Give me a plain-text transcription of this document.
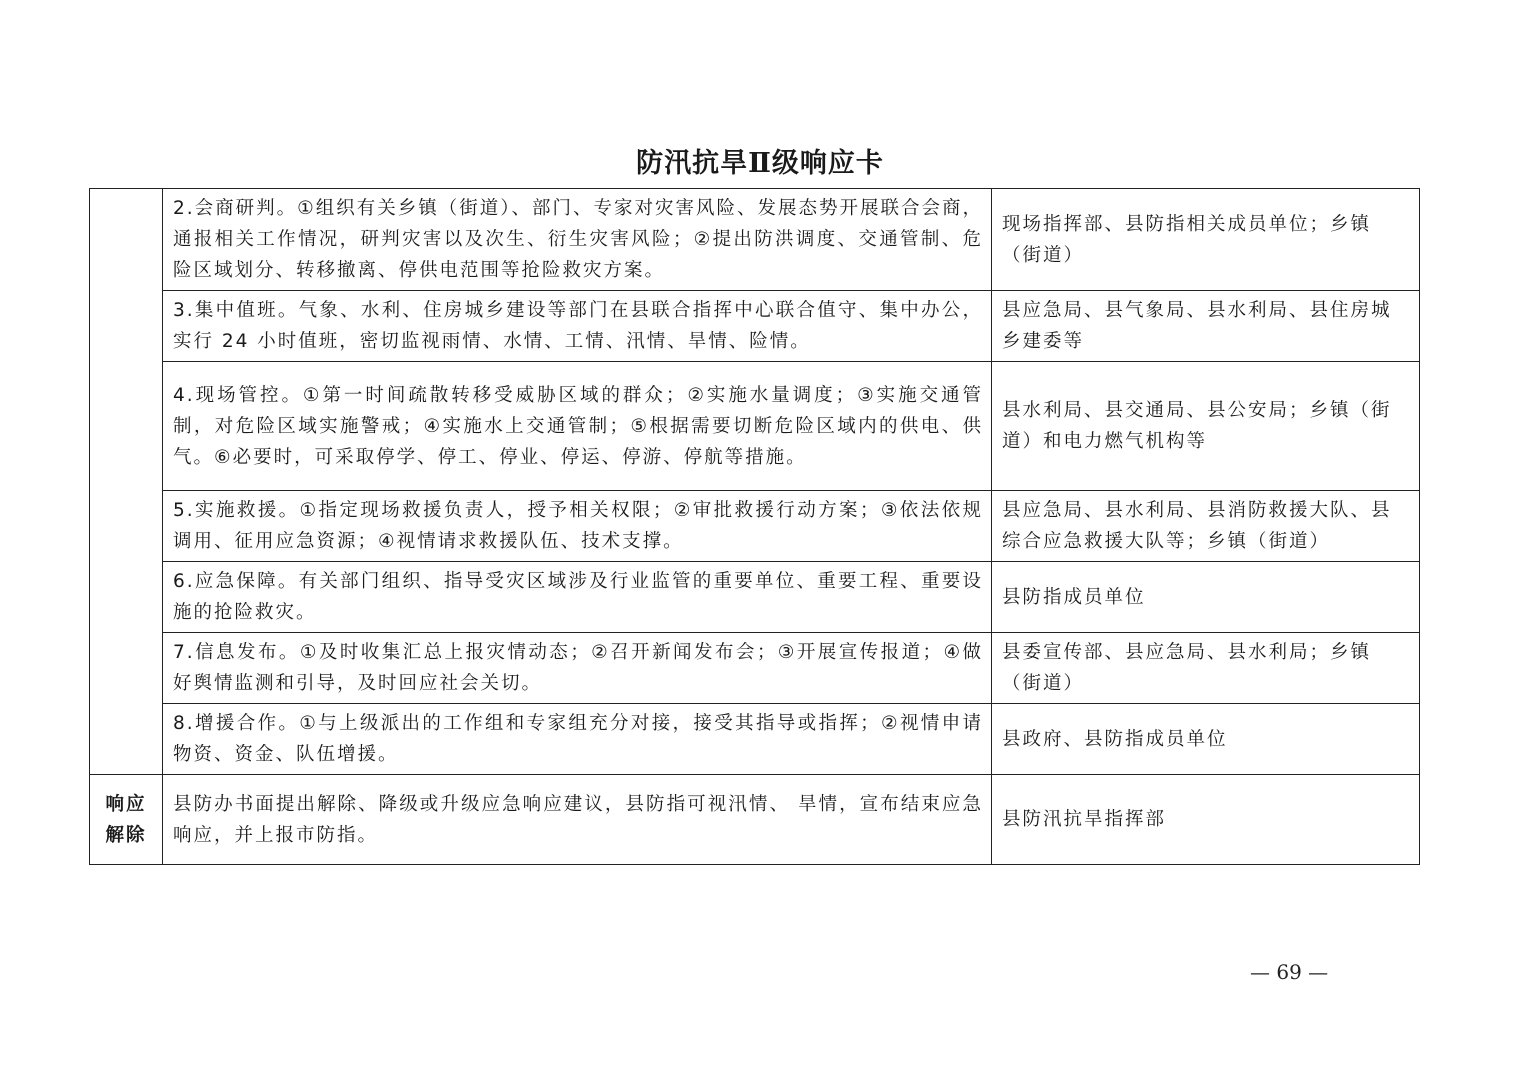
防汛抗旱Ⅱ级响应卡
	2.会商研判。①组织有关乡镇（街道）、部门、专家对灾害风险、发展态势开展联合会商，通报相关工作情况，研判灾害以及次生、衍生灾害风险；②提出防洪调度、交通管制、危险区域划分、转移撤离、停供电范围等抢险救灾方案。	现场指挥部、县防指相关成员单位；乡镇（街道）
	3.集中值班。气象、水利、住房城乡建设等部门在县联合指挥中心联合值守、集中办公，实行 24 小时值班，密切监视雨情、水情、工情、汛情、旱情、险情。	县应急局、县气象局、县水利局、县住房城乡建委等
	4.现场管控。①第一时间疏散转移受威胁区域的群众；②实施水量调度；③实施交通管制，对危险区域实施警戒；④实施水上交通管制；⑤根据需要切断危险区域内的供电、供气。⑥必要时，可采取停学、停工、停业、停运、停游、停航等措施。	县水利局、县交通局、县公安局；乡镇（街道）和电力燃气机构等
	5.实施救援。①指定现场救援负责人，授予相关权限；②审批救援行动方案；③依法依规调用、征用应急资源；④视情请求救援队伍、技术支撑。	县应急局、县水利局、县消防救援大队、县综合应急救援大队等；乡镇（街道）
	6.应急保障。有关部门组织、指导受灾区域涉及行业监管的重要单位、重要工程、重要设施的抢险救灾。	县防指成员单位
	7.信息发布。①及时收集汇总上报灾情动态；②召开新闻发布会；③开展宣传报道；④做好舆情监测和引导，及时回应社会关切。	县委宣传部、县应急局、县水利局；乡镇（街道）
	8.增援合作。①与上级派出的工作组和专家组充分对接，接受其指导或指挥；②视情申请物资、资金、队伍增援。	县政府、县防指成员单位

响应
解除	县防办书面提出解除、降级或升级应急响应建议，县防指可视汛情、 旱情，宣布结束应急响应，并上报市防指。	县防汛抗旱指挥部
— 69 —
